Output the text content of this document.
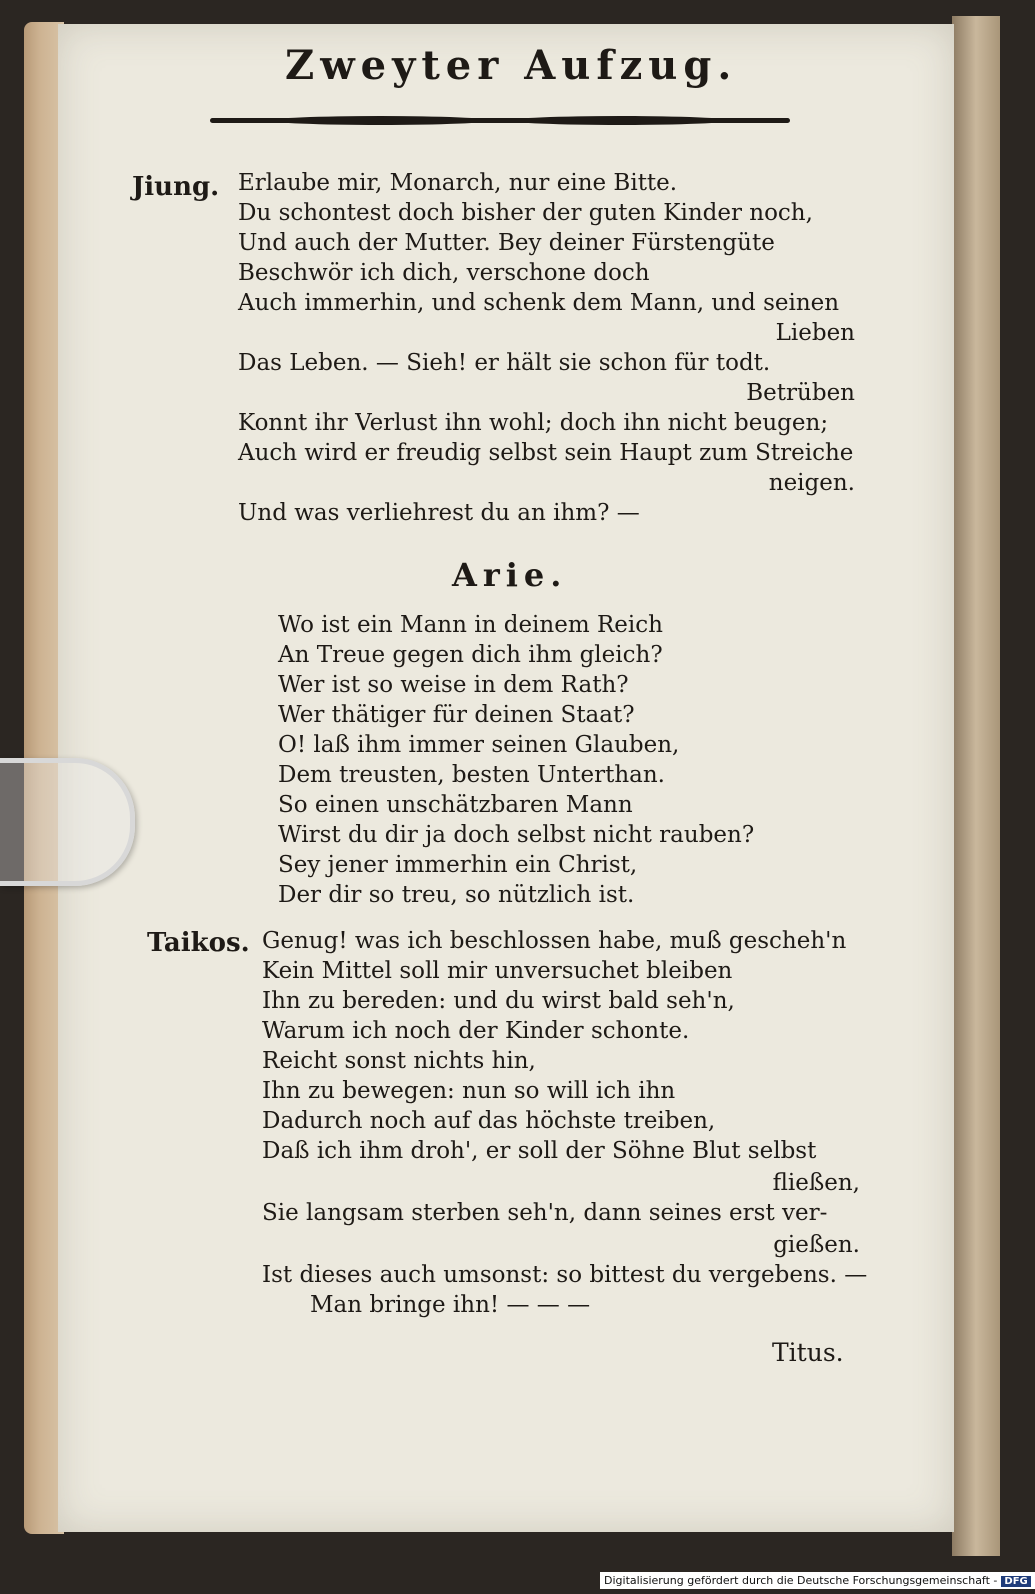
Zweyter Aufzug.
Jiung. Erlaube mir, Monarch, nur eine Bitte.
Du schontest doch bisher der guten Kinder noch,
Und auch der Mutter. Bey deiner Fürstengüte
Beschwör ich dich, verschone doch
Auch immerhin, und schenk dem Mann, und seinen
Lieben
Das Leben. — Sieh! er hält sie schon für todt.
Betrüben
Konnt ihr Verlust ihn wohl; doch ihn nicht beugen;
Auch wird er freudig selbst sein Haupt zum Streiche
neigen.
Und was verliehrest du an ihm? —
Arie.
Wo ist ein Mann in deinem Reich
An Treue gegen dich ihm gleich?
Wer ist so weise in dem Rath?
Wer thätiger für deinen Staat?
O! laß ihm immer seinen Glauben,
Dem treusten, besten Unterthan.
So einen unschätzbaren Mann
Wirst du dir ja doch selbst nicht rauben?
Sey jener immerhin ein Christ,
Der dir so treu, so nützlich ist.
Taikos. Genug! was ich beschlossen habe, muß gescheh'n
Kein Mittel soll mir unversuchet bleiben
Ihn zu bereden: und du wirst bald seh'n,
Warum ich noch der Kinder schonte.
Reicht sonst nichts hin,
Ihn zu bewegen: nun so will ich ihn
Dadurch noch auf das höchste treiben,
Daß ich ihm droh', er soll der Söhne Blut selbst
fließen,
Sie langsam sterben seh'n, dann seines erst ver-
gießen.
Ist dieses auch umsonst: so bittest du vergebens. —
Man bringe ihn! — — —
Titus.
Digitalisierung gefördert durch die Deutsche Forschungsgemeinschaft - DFG
